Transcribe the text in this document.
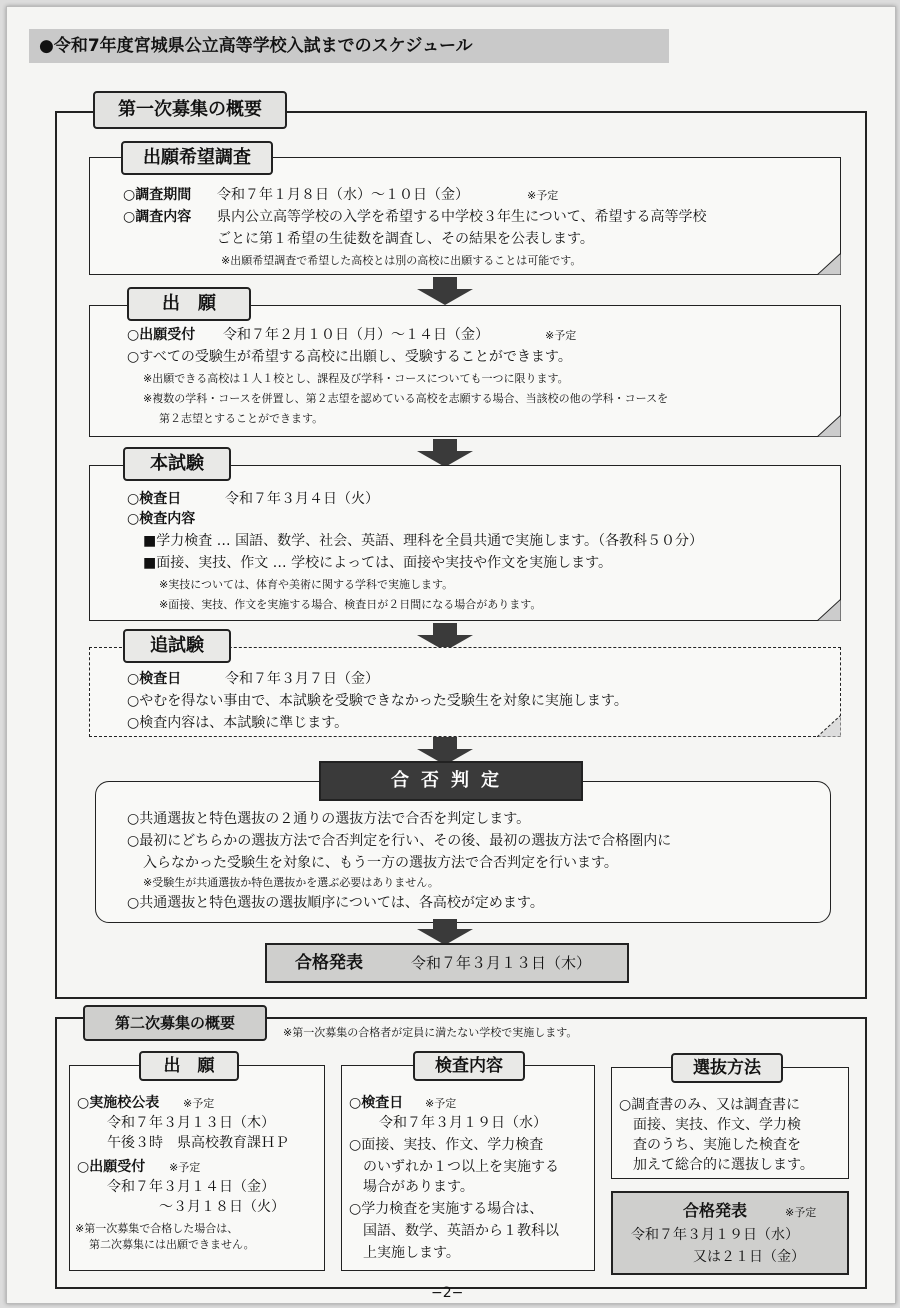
●令和7年度宮城県公立高等学校入試までのスケジュール
第一次募集の概要
出願希望調査
○調査期間 令和７年１月８日（水）～１０日（金）	※予定
○調査内容 県内公立高等学校の入学を希望する中学校３年生について、希望する高等学校
ごとに第１希望の生徒数を調査し、その結果を公表します。
※出願希望調査で希望した高校とは別の高校に出願することは可能です。
出　願
○出願受付 令和７年２月１０日（月）～１４日（金）	※予定
○すべての受験生が希望する高校に出願し、受験することができます。
※出願できる高校は１人１校とし、課程及び学科・コースについても一つに限ります。
※複数の学科・コースを併置し、第２志望を認めている高校を志願する場合、当該校の他の学科・コースを
第２志望とすることができます。
本試験
○検査日	令和７年３月４日（火）
○検査内容
■学力検査 … 国語、数学、社会、英語、理科を全員共通で実施します。（各教科５０分）
■面接、実技、作文 … 学校によっては、面接や実技や作文を実施します。
※実技については、体育や美術に関する学科で実施します。
※面接、実技、作文を実施する場合、検査日が２日間になる場合があります。
追試験
○検査日	令和７年３月７日（金）
○やむを得ない事由で、本試験を受験できなかった受験生を対象に実施します。
○検査内容は、本試験に準じます。
合否判定
○共通選抜と特色選抜の２通りの選抜方法で合否を判定します。
○最初にどちらかの選抜方法で合否判定を行い、その後、最初の選抜方法で合格圏内に
入らなかった受験生を対象に、もう一方の選抜方法で合否判定を行います。
※受験生が共通選抜か特色選抜かを選ぶ必要はありません。
○共通選抜と特色選抜の選抜順序については、各高校が定めます。
合格発表	令和７年３月１３日（木）
第二次募集の概要
※第一次募集の合格者が定員に満たない学校で実施します。
出　願
○実施校公表 ※予定
令和７年３月１３日（木）
午後３時　県高校教育課ＨＰ
○出願受付 ※予定
令和７年３月１４日（金）
～３月１８日（火）
※第一次募集で合格した場合は、
第二次募集には出願できません。
検査内容
○検査日 ※予定
令和７年３月１９日（水）
○面接、実技、作文、学力検査
のいずれか１つ以上を実施する
場合があります。
○学力検査を実施する場合は、
国語、数学、英語から１教科以
上実施します。
選抜方法
○調査書のみ、又は調査書に
面接、実技、作文、学力検
査のうち、実施した検査を
加えて総合的に選抜します。
合格発表	※予定
令和７年３月１９日（水）
又は２１日（金）
−2−
